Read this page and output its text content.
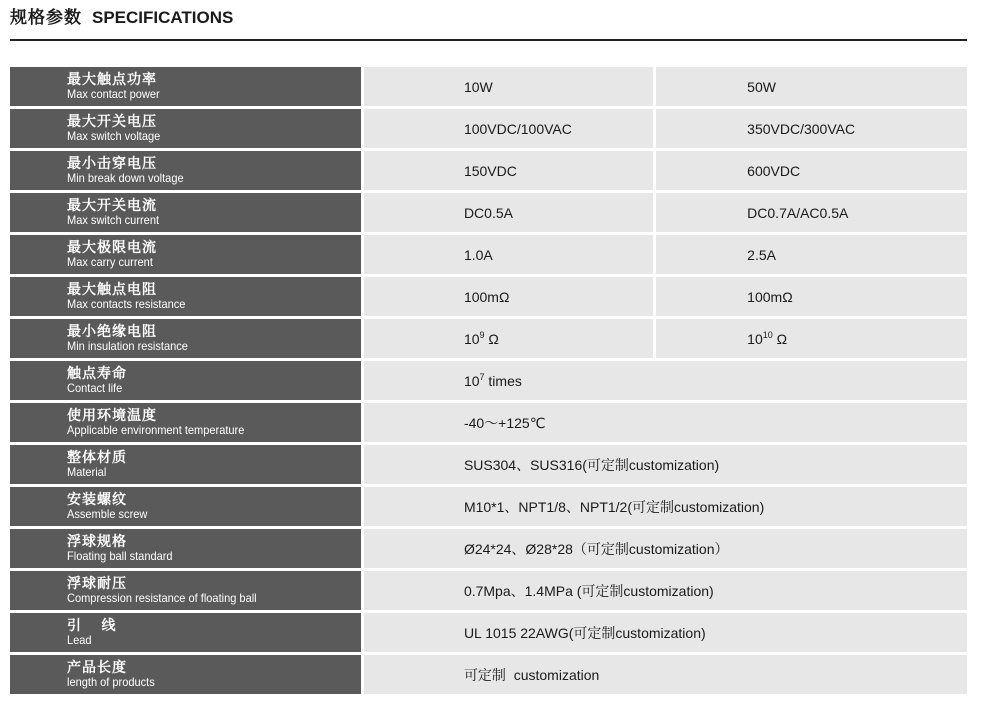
规格参数 SPECIFICATIONS
最大触点功率
Max contact power		10W		50W

最大开关电压
Max switch voltage		100VDC/100VAC		350VDC/300VAC

最小击穿电压
Min break down voltage		150VDC		600VDC

最大开关电流
Max switch current		DC0.5A		DC0.7A/AC0.5A

最大极限电流
Max carry current		1.0A		2.5A

最大触点电阻
Max contacts resistance		100mΩ		100mΩ

最小绝缘电阻
Min insulation resistance		$10^9$ Ω		$10^{10}$ Ω

触点寿命
Contact life		$10^7$ times		

使用环境温度
Applicable environment temperature		-40～+125℃		

整体材质
Material		SUS304、SUS316(可定制customization)		

安装螺纹
Assemble screw		M10*1、NPT1/8、NPT1/2(可定制customization)		

浮球规格
Floating ball standard		Ø24*24、Ø28*28（可定制customization）		

浮球耐压
Compression resistance of floating ball		0.7Mpa、1.4MPa (可定制customization)		

引    线
Lead		UL 1015 22AWG(可定制customization)		

产品长度
length of products		可定制  customization		
